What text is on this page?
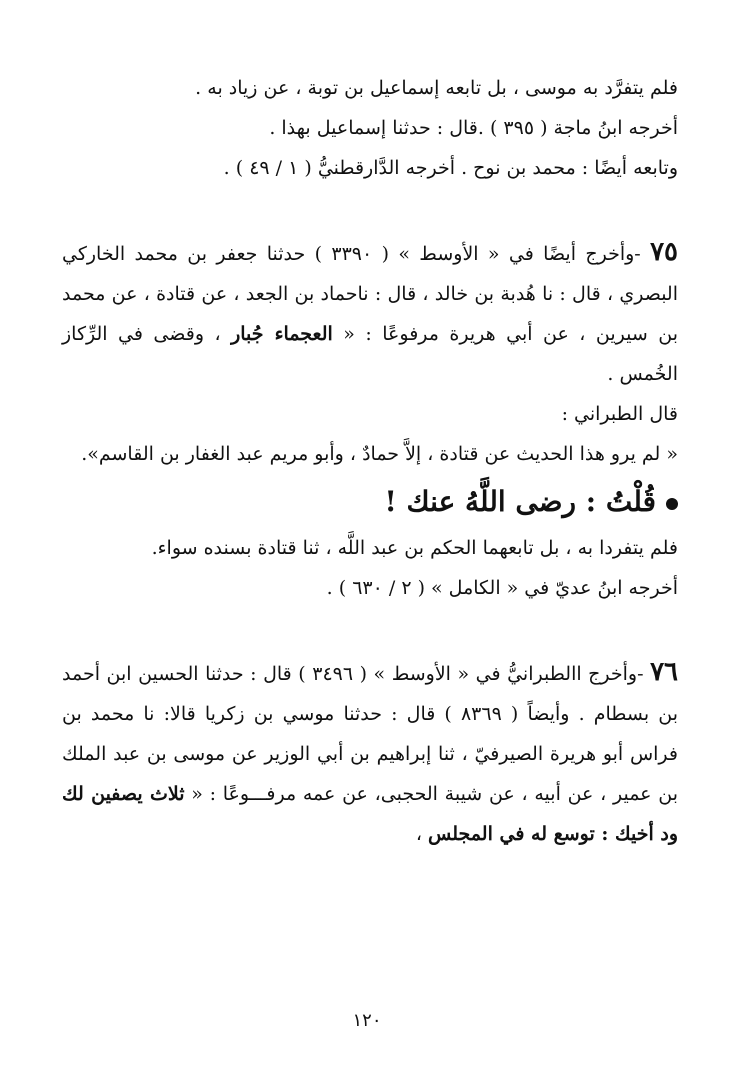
فلم يتفرَّد به موسى ، بل تابعه إسماعيل بن توبة ، عن زياد به .
أخرجه ابنُ ماجة ( ٣٩٥ ) .قال : حدثنا إسماعيل بهذا .
وتابعه أيضًا : محمد بن نوح . أخرجه الدَّارقطنيُّ ( ١ / ٤٩ ) .
٧٥ -وأخرج أيضًا في « الأوسط » ( ٣٣٩٠ ) حدثنا جعفر بن محمد الخاركي البصري ، قال : نا هُدبة بن خالد ، قال : ناحماد بن الجعد ، عن قتادة ، عن محمد بن سيرين ، عن أبي هريرة مرفوعًا : « العجماء جُبار ، وقضى في الرِّكاز الخُمس .
قال الطبراني :
« لم يرو هذا الحديث عن قتادة ، إلاَّ حمادٌ ، وأبو مريم عبد الغفار بن القاسم».
قُلْتُ : رضى اللَّهُ عنك !
فلم يتفردا به ، بل تابعهما الحكم بن عبد اللَّه ، ثنا قتادة بسنده سواء.
أخرجه ابنُ عديّ في « الكامل » ( ٢ / ٦٣٠ ) .
٧٦ -وأخرج االطبرانيُّ في « الأوسط » ( ٣٤٩٦ ) قال : حدثنا الحسين ابن أحمد بن بسطام . وأيضاً ( ٨٣٦٩ ) قال : حدثنا موسي بن زكريا قالا: نا محمد بن فراس أبو هريرة الصيرفيّ ، ثنا إبراهيم بن أبي الوزير عن موسى بن عبد الملك بن عمير ، عن أبيه ، عن شيبة الحجبى، عن عمه مرفـــوعًا : « ثلاث يصفين لك ود أخيك : توسع له في المجلس ،
١٢٠
